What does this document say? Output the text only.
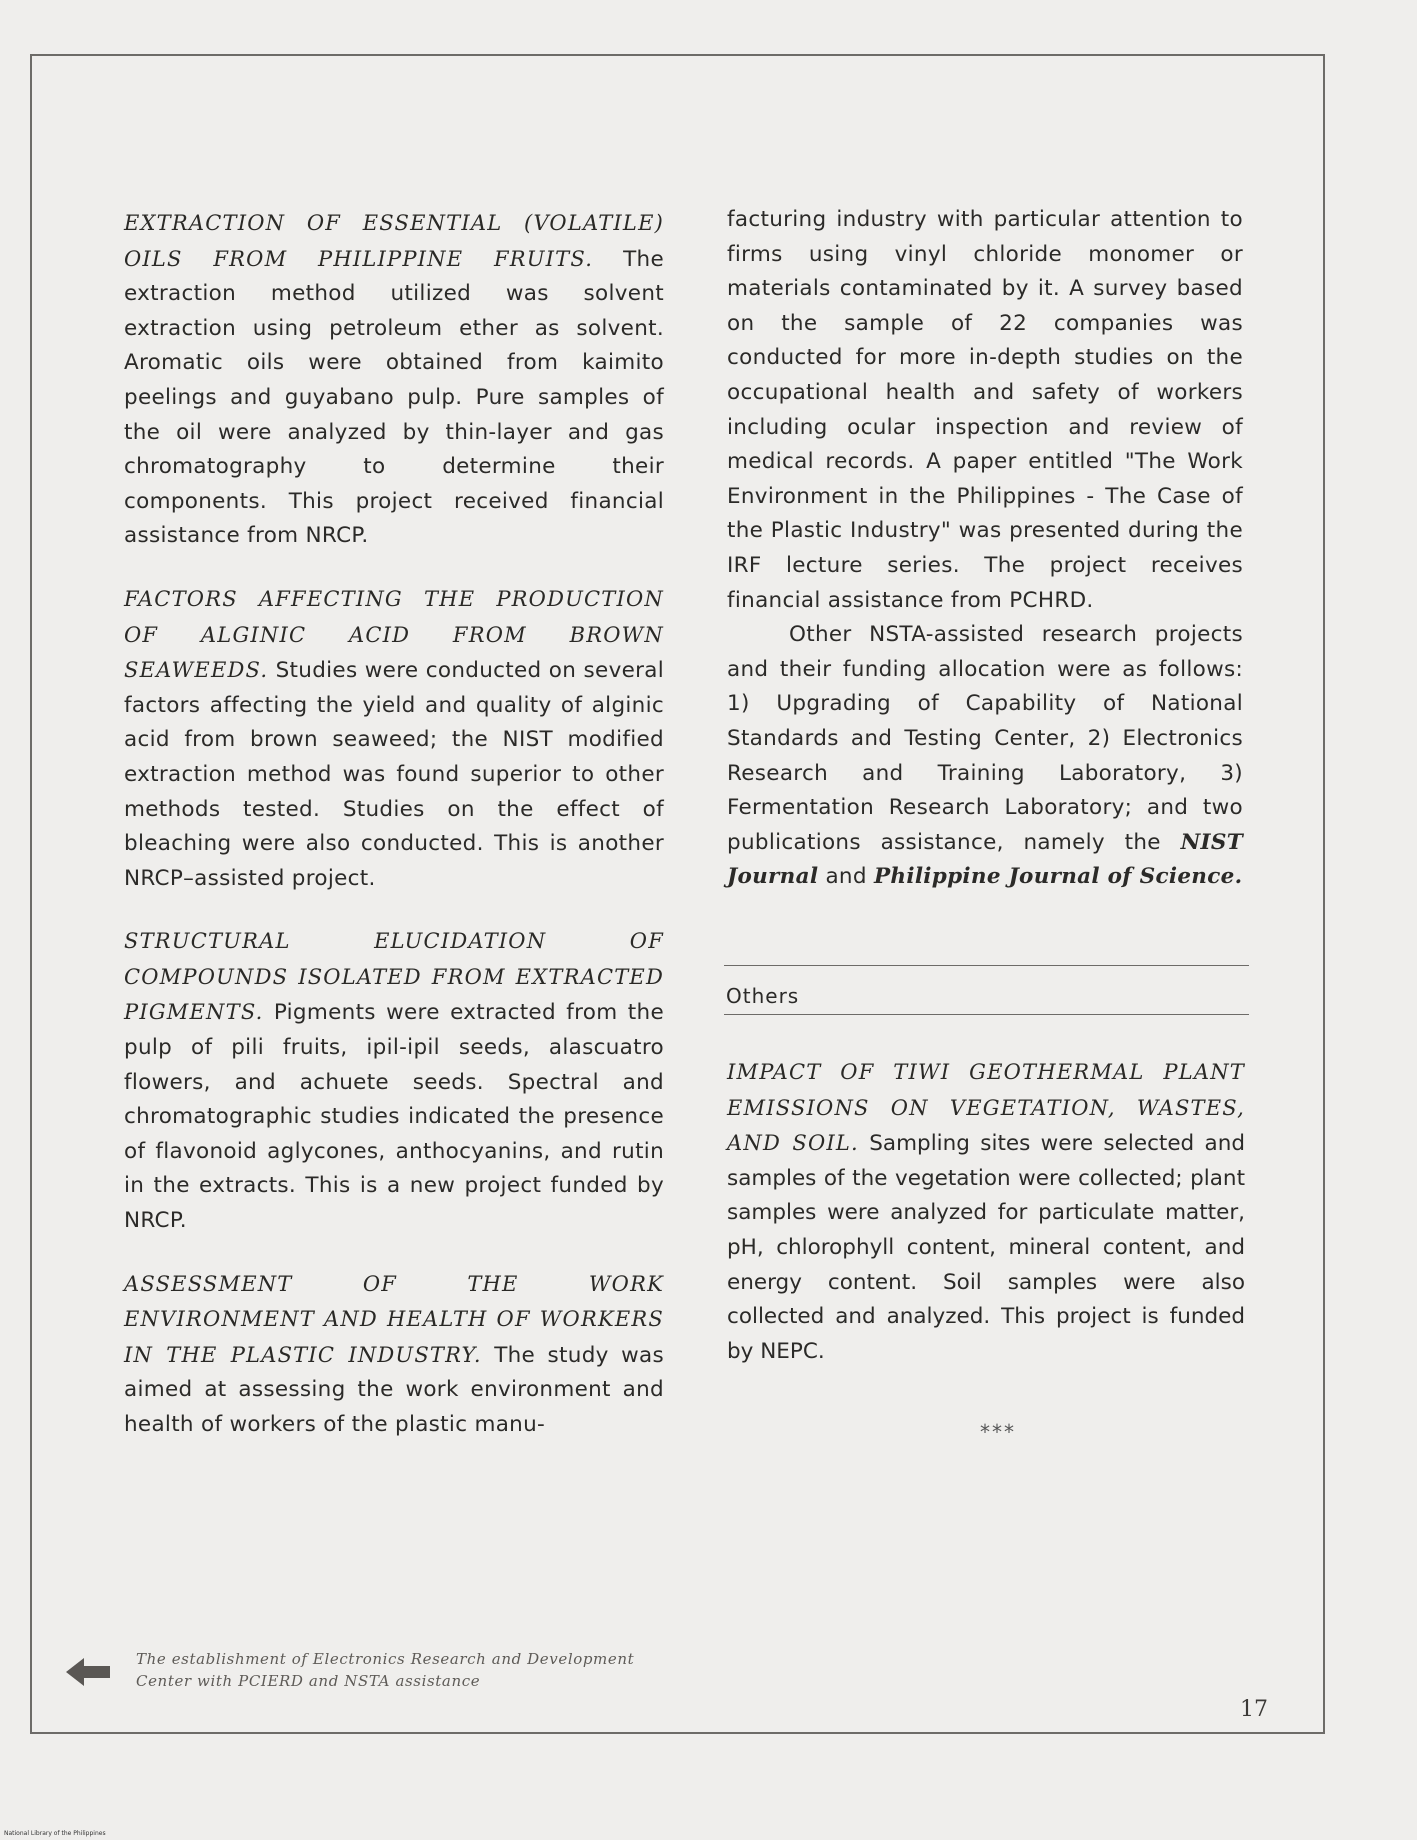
EXTRACTION OF ESSENTIAL (VOLATILE) OILS FROM PHILIPPINE FRUITS. The extraction method utilized was solvent extraction using petroleum ether as solvent. Aromatic oils were obtained from kaimito peelings and guyabano pulp. Pure samples of the oil were analyzed by thin-layer and gas chromatography to determine their components. This project received financial assistance from NRCP.

FACTORS AFFECTING THE PRODUCTION OF ALGINIC ACID FROM BROWN SEAWEEDS. Studies were conducted on several factors affecting the yield and quality of alginic acid from brown seaweed; the NIST modified extraction method was found superior to other methods tested. Studies on the effect of bleaching were also conducted. This is another NRCP–assisted project.

STRUCTURAL ELUCIDATION OF COMPOUNDS ISOLATED FROM EXTRACTED PIGMENTS. Pigments were extracted from the pulp of pili fruits, ipil-ipil seeds, alascuatro flowers, and achuete seeds. Spectral and chromatographic studies indicated the presence of flavonoid aglycones, anthocyanins, and rutin in the extracts. This is a new project funded by NRCP.

ASSESSMENT OF THE WORK ENVIRONMENT AND HEALTH OF WORKERS IN THE PLASTIC INDUSTRY. The study was aimed at assessing the work environment and health of workers of the plastic manu-

facturing industry with particular attention to firms using vinyl chloride monomer or materials contaminated by it. A survey based on the sample of 22 companies was conducted for more in-depth studies on the occupational health and safety of workers including ocular inspection and review of medical records. A paper entitled "The Work Environment in the Philippines - The Case of the Plastic Industry" was presented during the IRF lecture series. The project receives financial assistance from PCHRD.

Other NSTA-assisted research projects and their funding allocation were as follows: 1) Upgrading of Capability of National Standards and Testing Center, 2) Electronics Research and Training Laboratory, 3) Fermentation Research Laboratory; and two publications assistance, namely the NIST Journal and Philippine Journal of Science.

Others
IMPACT OF TIWI GEOTHERMAL PLANT EMISSIONS ON VEGETATION, WASTES, AND SOIL. Sampling sites were selected and samples of the vegetation were collected; plant samples were analyzed for particulate matter, pH, chlorophyll content, mineral content, and energy content. Soil samples were also collected and analyzed. This project is funded by NEPC.
***
The establishment of Electronics Research and Development Center with PCIERD and NSTA assistance
17
National Library of the Philippines
